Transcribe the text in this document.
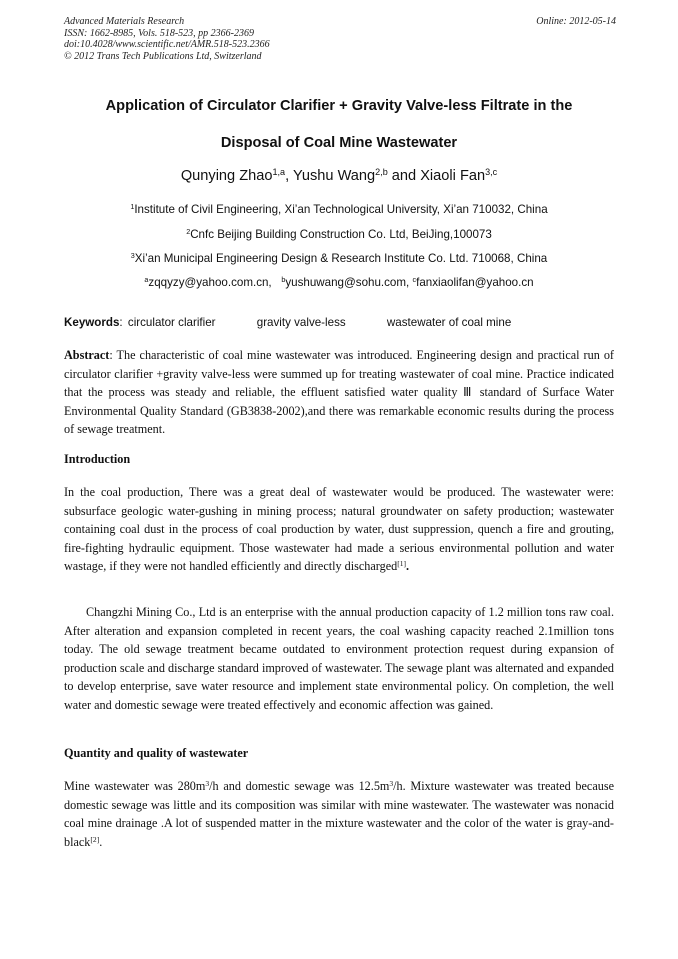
Advanced Materials Research
ISSN: 1662-8985, Vols. 518-523, pp 2366-2369
doi:10.4028/www.scientific.net/AMR.518-523.2366
© 2012 Trans Tech Publications Ltd, Switzerland
Online: 2012-05-14
Application of Circulator Clarifier + Gravity Valve-less Filtrate in the
Disposal of Coal Mine Wastewater
Qunying Zhao$^{1,a}$, Yushu Wang$^{2,b}$ and Xiaoli Fan$^{3,c}$
$^1$Institute of Civil Engineering, Xi’an Technological University, Xi’an 710032, China
$^2$Cnfc Beijing Building Construction Co. Ltd, BeiJing,100073
$^3$Xi’an Municipal Engineering Design & Research Institute Co. Ltd. 710068, China
$^a$zqqyzy@yahoo.com.cn, $^b$yushuwang@sohu.com, $^c$fanxiaolifan@yahoo.cn
Keywords: circulator clarifier	gravity valve-less	wastewater of coal mine
Abstract: The characteristic of coal mine wastewater was introduced. Engineering design and practical run of circulator clarifier +gravity valve-less were summed up for treating wastewater of coal mine. Practice indicated that the process was steady and reliable, the effluent satisfied water quality Ⅲ standard of Surface Water Environmental Quality Standard (GB3838-2002),and there was remarkable economic results during the process of sewage treatment.
Introduction
In the coal production, There was a great deal of wastewater would be produced. The wastewater were: subsurface geologic water-gushing in mining process; natural groundwater on safety production; wastewater containing coal dust in the process of coal production by water, dust suppression, quench a fire and grouting, fire-fighting hydraulic equipment. Those wastewater had made a serious environmental pollution and water wastage, if they were not handled efficiently and directly discharged[1].
Changzhi Mining Co., Ltd is an enterprise with the annual production capacity of 1.2 million tons raw coal. After alteration and expansion completed in recent years, the coal washing capacity reached 2.1million tons today. The old sewage treatment became outdated to environment protection request during expansion of production scale and discharge standard improved of wastewater. The sewage plant was alternated and expanded to develop enterprise, save water resource and implement state environmental policy. On completion, the well water and domestic sewage were treated effectively and economic affection was gained.
Quantity and quality of wastewater
Mine wastewater was $280m^3/h$ and domestic sewage was $12.5m^3/h$. Mixture wastewater was treated because domestic sewage was little and its composition was similar with mine wastewater. The wastewater was nonacid coal mine drainage .A lot of suspended matter in the mixture wastewater and the color of the water is gray-and-black[2].
